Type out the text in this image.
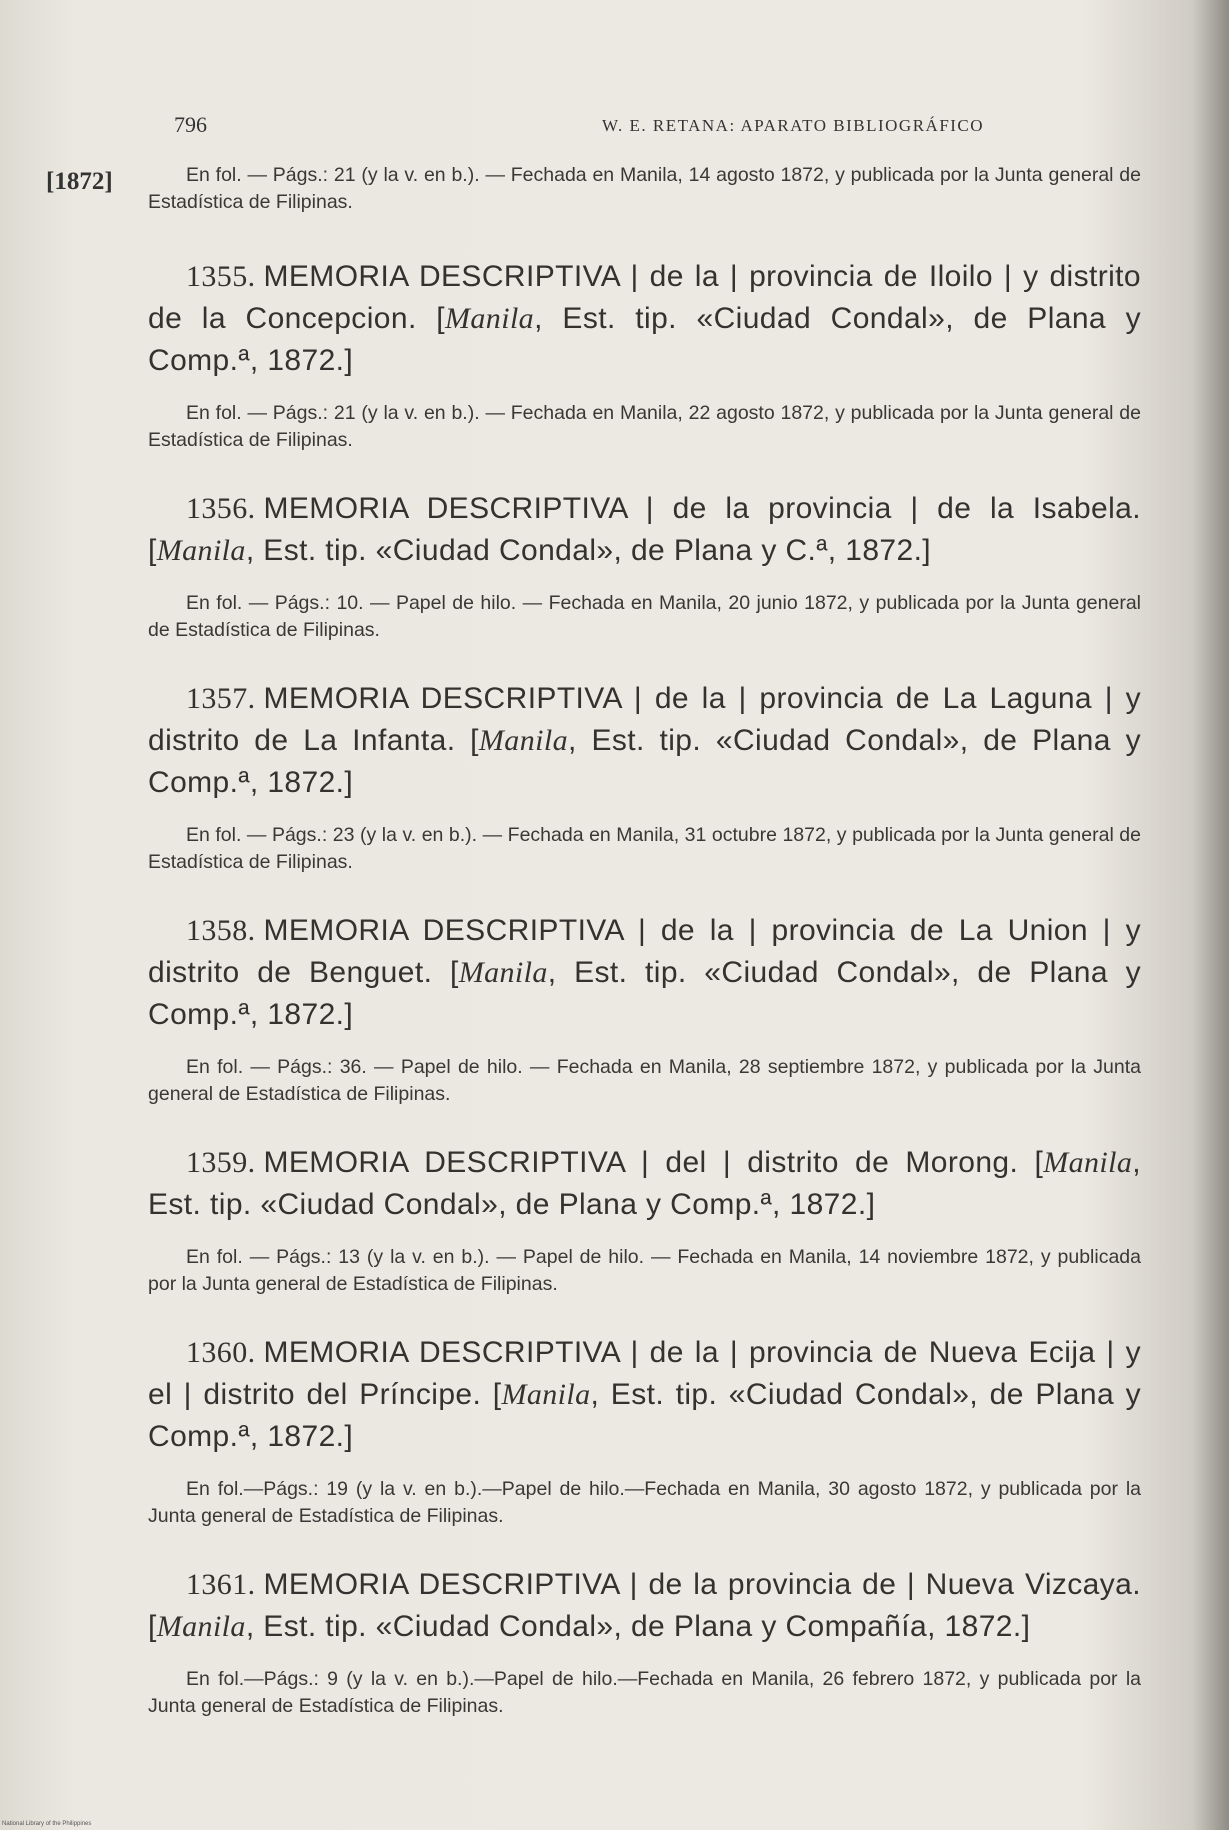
796	W. E. RETANA: APARATO BIBLIOGRÁFICO
[1872]	En fol. — Págs.: 21 (y la v. en b.). — Fechada en Manila, 14 agosto 1872, y publicada por la Junta general de Estadística de Filipinas.

1355. MEMORIA DESCRIPTIVA | de la | provincia de Iloilo | y distrito de la Concepcion. [Manila, Est. tip. «Ciudad Condal», de Plana y Comp.ª, 1872.]

En fol. — Págs.: 21 (y la v. en b.). — Fechada en Manila, 22 agosto 1872, y publicada por la Junta general de Estadística de Filipinas.

1356. MEMORIA DESCRIPTIVA | de la provincia | de la Isabela. [Manila, Est. tip. «Ciudad Condal», de Plana y C.ª, 1872.]

En fol. — Págs.: 10. — Papel de hilo. — Fechada en Manila, 20 junio 1872, y publicada por la Junta general de Estadística de Filipinas.

1357. MEMORIA DESCRIPTIVA | de la | provincia de La Laguna | y distrito de La Infanta. [Manila, Est. tip. «Ciudad Condal», de Plana y Comp.ª, 1872.]

En fol. — Págs.: 23 (y la v. en b.). — Fechada en Manila, 31 octubre 1872, y publicada por la Junta general de Estadística de Filipinas.

1358. MEMORIA DESCRIPTIVA | de la | provincia de La Union | y distrito de Benguet. [Manila, Est. tip. «Ciudad Condal», de Plana y Comp.ª, 1872.]

En fol. — Págs.: 36. — Papel de hilo. — Fechada en Manila, 28 septiembre 1872, y publicada por la Junta general de Estadística de Filipinas.

1359. MEMORIA DESCRIPTIVA | del | distrito de Morong. [Manila, Est. tip. «Ciudad Condal», de Plana y Comp.ª, 1872.]

En fol. — Págs.: 13 (y la v. en b.). — Papel de hilo. — Fechada en Manila, 14 noviembre 1872, y publicada por la Junta general de Estadística de Filipinas.

1360. MEMORIA DESCRIPTIVA | de la | provincia de Nueva Ecija | y el | distrito del Príncipe. [Manila, Est. tip. «Ciudad Condal», de Plana y Comp.ª, 1872.]

En fol.—Págs.: 19 (y la v. en b.).—Papel de hilo.—Fechada en Manila, 30 agosto 1872, y publicada por la Junta general de Estadística de Filipinas.

1361. MEMORIA DESCRIPTIVA | de la provincia de | Nueva Vizcaya. [Manila, Est. tip. «Ciudad Condal», de Plana y Compañía, 1872.]

En fol.—Págs.: 9 (y la v. en b.).—Papel de hilo.—Fechada en Manila, 26 febrero 1872, y publicada por la Junta general de Estadística de Filipinas.

National Library of the Philippines
